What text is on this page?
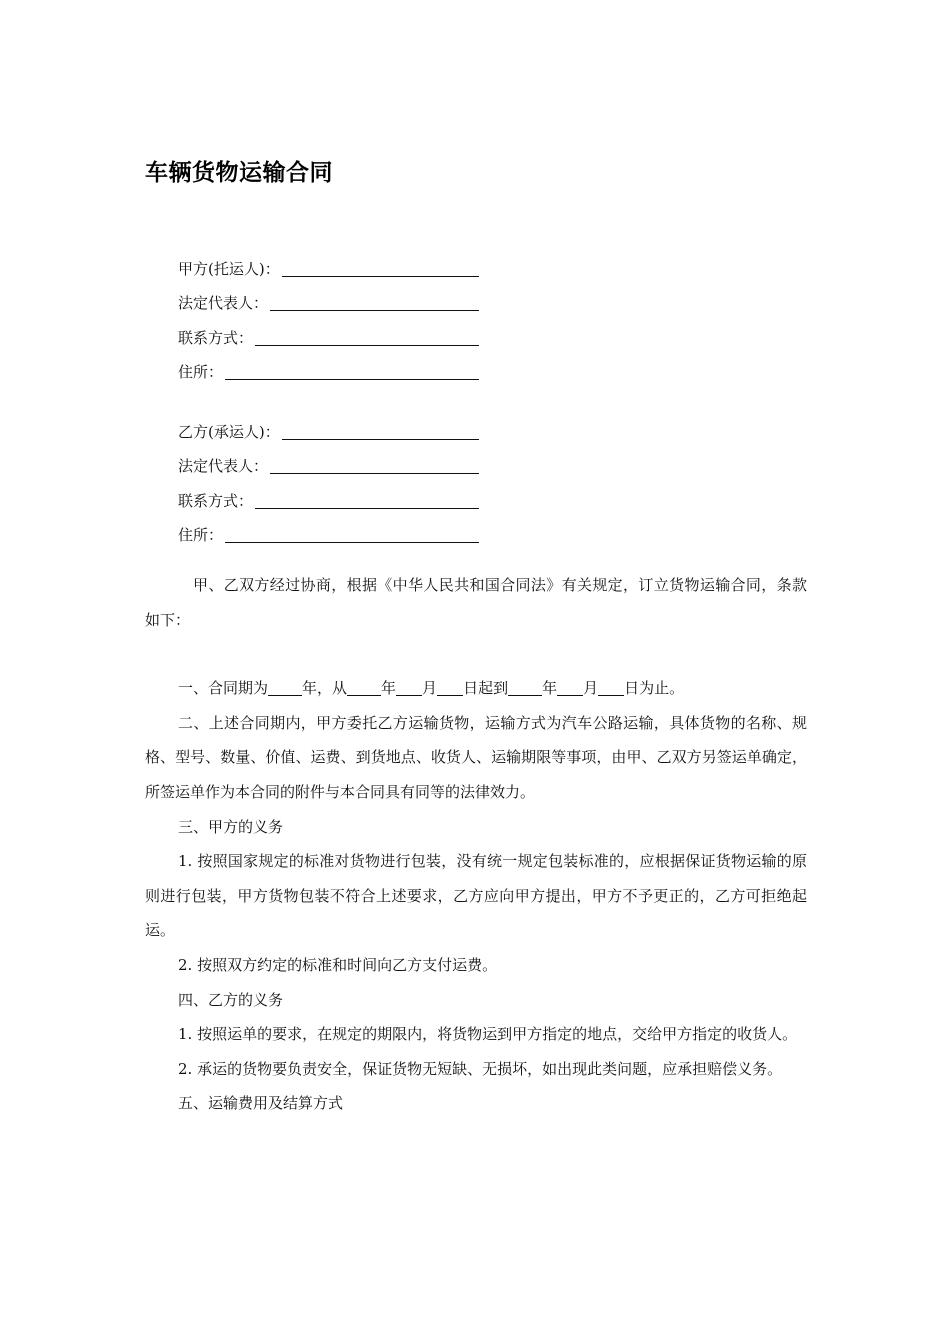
车辆货物运输合同
甲方(托运人)：
法定代表人：
联系方式：
住所：
乙方(承运人)：
法定代表人：
联系方式：
住所：

甲、乙双方经过协商，根据《中华人民共和国合同法》有关规定，订立货物运输合同，条款如下：

一、合同期为 年，从 年 月 日起到 年 月 日为止。

二、上述合同期内，甲方委托乙方运输货物，运输方式为汽车公路运输，具体货物的名称、规格、型号、数量、价值、运费、到货地点、收货人、运输期限等事项，由甲、乙双方另签运单确定，所签运单作为本合同的附件与本合同具有同等的法律效力。

三、甲方的义务

1. 按照国家规定的标准对货物进行包装，没有统一规定包装标准的，应根据保证货物运输的原则进行包装，甲方货物包装不符合上述要求，乙方应向甲方提出，甲方不予更正的，乙方可拒绝起运。

2. 按照双方约定的标准和时间向乙方支付运费。

四、乙方的义务

1. 按照运单的要求，在规定的期限内，将货物运到甲方指定的地点，交给甲方指定的收货人。

2. 承运的货物要负责安全，保证货物无短缺、无损坏，如出现此类问题，应承担赔偿义务。

五、运输费用及结算方式
